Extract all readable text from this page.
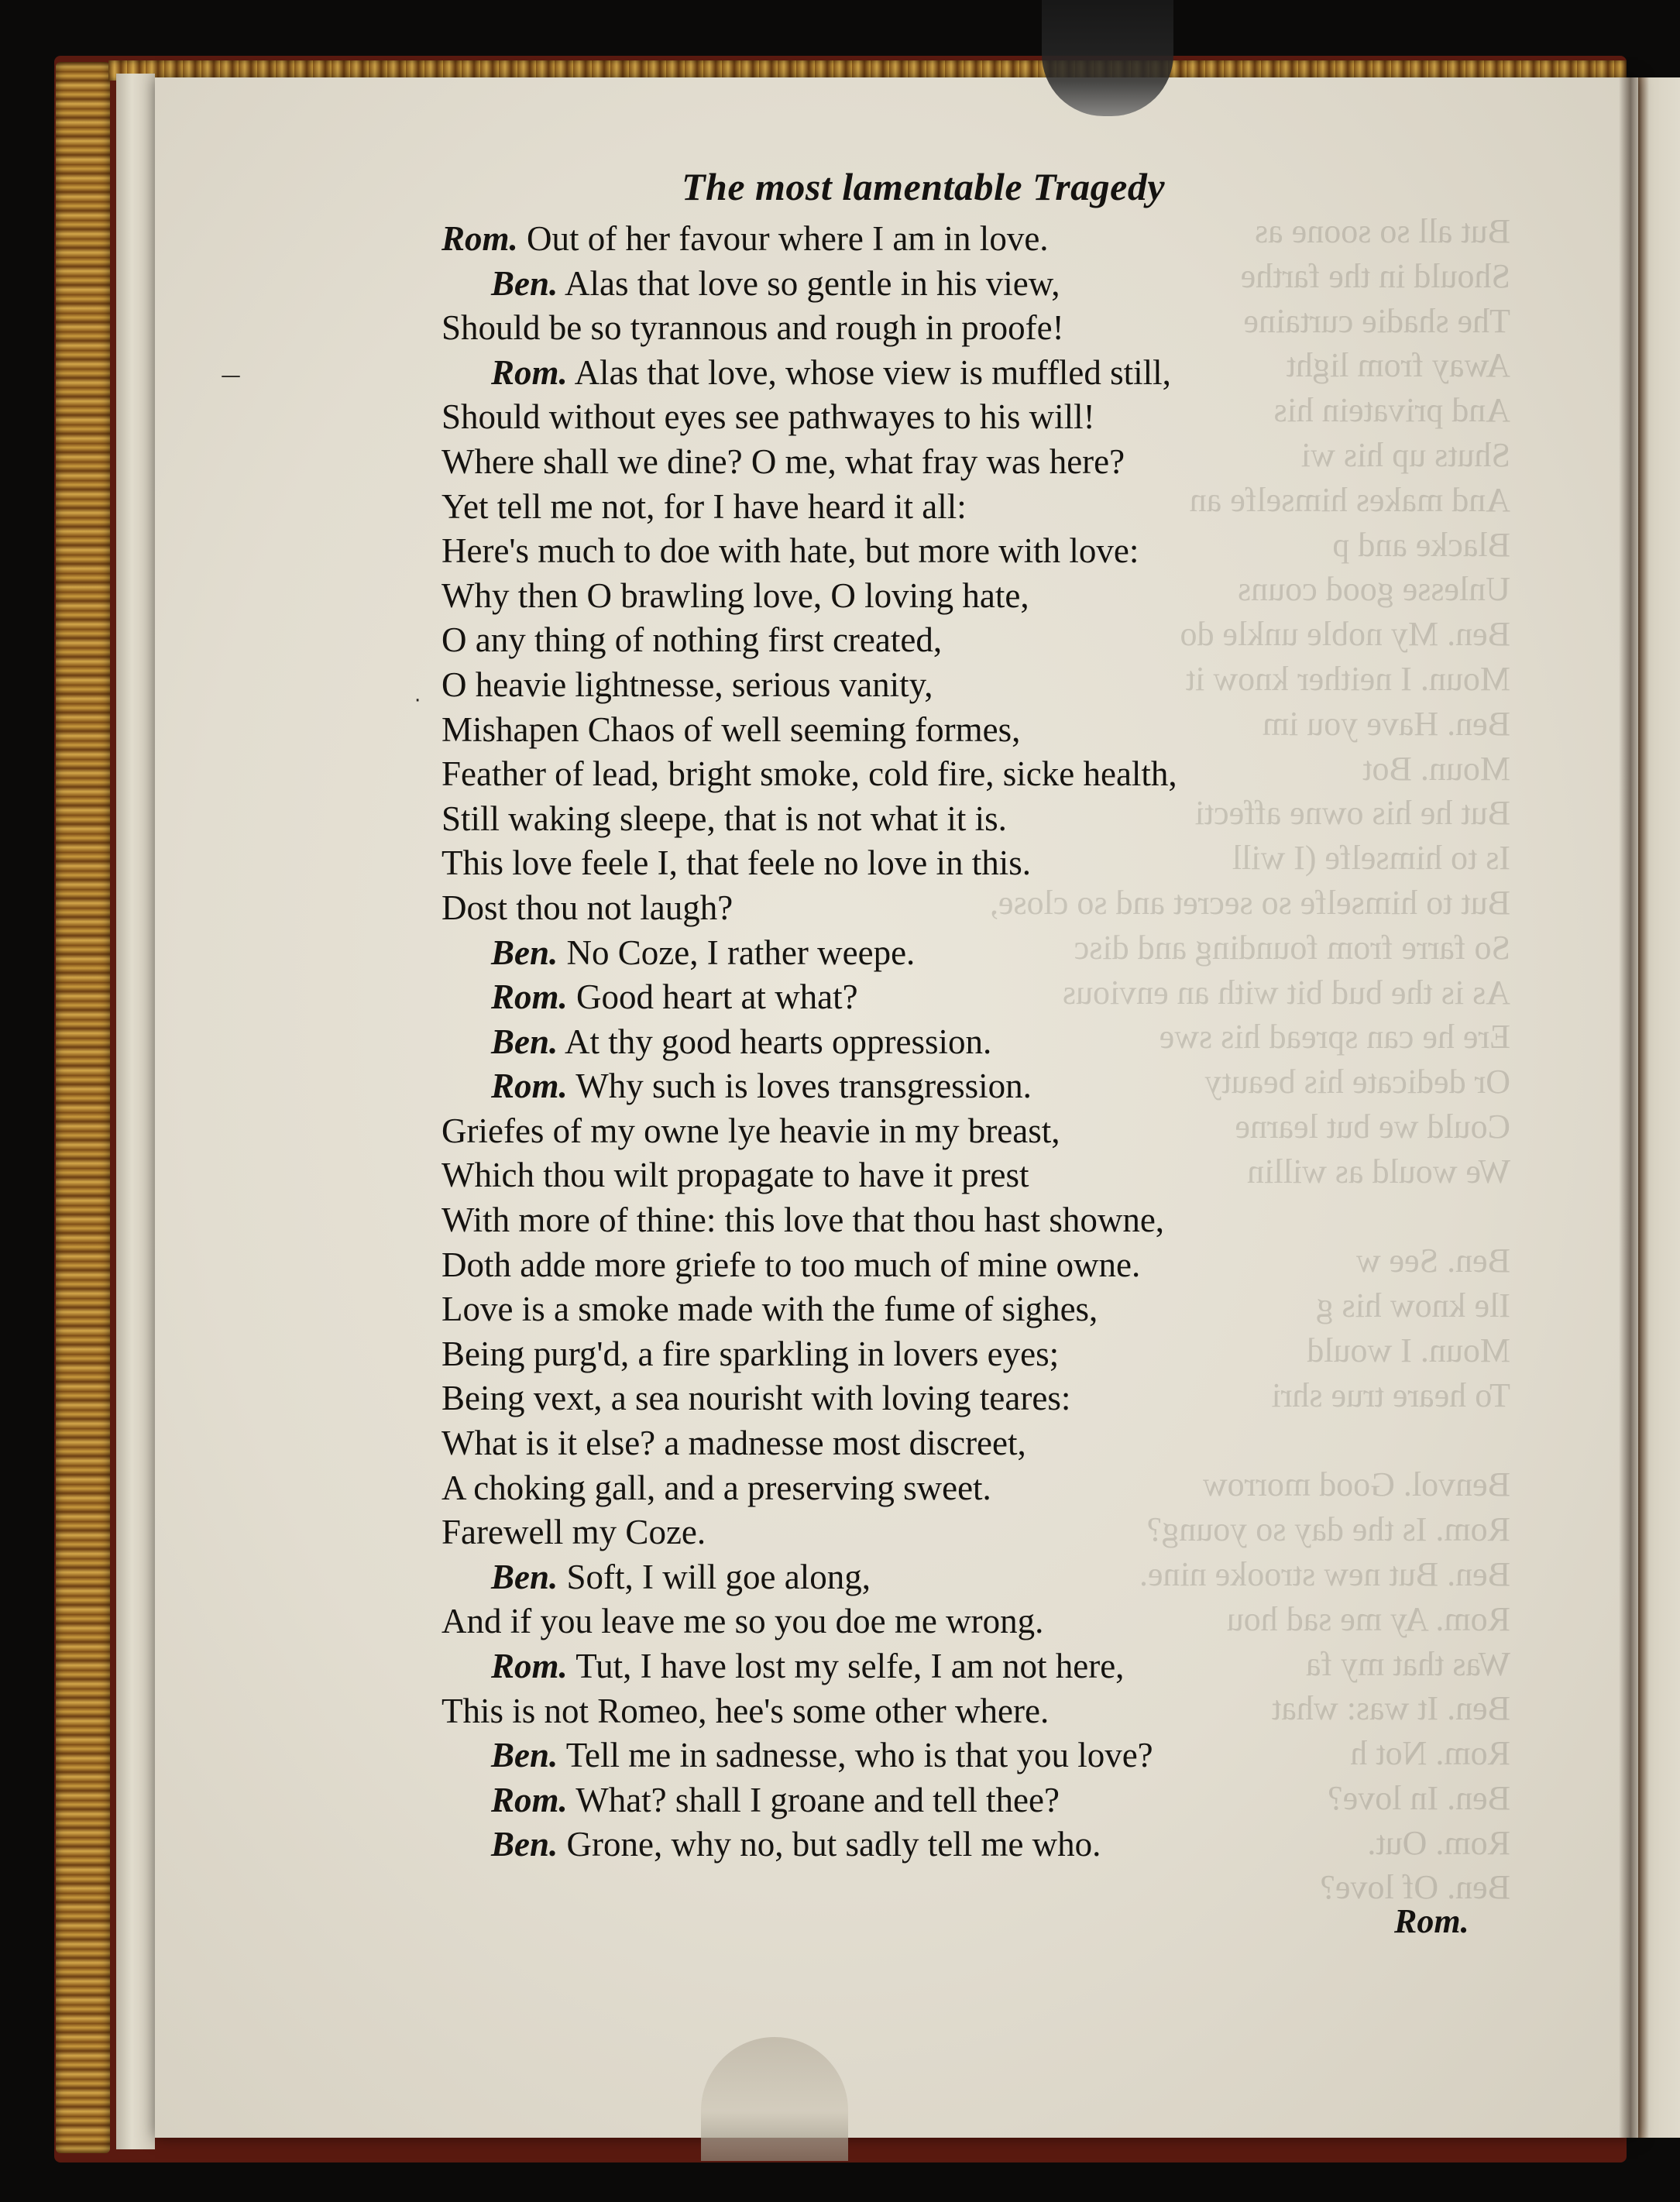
But all so soone as
Should in the farthe
The shadie curtaine
Away from light
And privatein his
Shuts up his wi
And makes himselfe an
Blacke and p
Unlesse good couns
Ben. My noble unkle do
Moun. I neither know it
Ben. Have you im
Moun. Bot
But he his owne affecti
Is to himselfe (I will
But to himselfe so secret and so close,
So farre from founding and disc
As is the bud bit with an envious
Ere he can spread his swe
Or dedicate his beauty
Could we but learne
We would as willin

Ben. See w
Ile know his g
Moun. I would
To heare true shri

Benvol. Good morrow
Rom. Is the day so young?
Ben. But new strooke nine.
Rom. Ay me sad hou
Was that my fa
Ben. It was: what
Rom. Not h
Ben. In love?
Rom. Out.
Ben. Of love?
The most lamentable Tragedy
Rom. Out of her favour where I am in love.
Ben. Alas that love so gentle in his view,
Should be so tyrannous and rough in proofe!
Rom. Alas that love, whose view is muffled still,
Should without eyes see pathwayes to his will!
Where shall we dine? O me, what fray was here?
Yet tell me not, for I have heard it all:
Here's much to doe with hate, but more with love:
Why then O brawling love, O loving hate,
O any thing of nothing first created,
O heavie lightnesse, serious vanity,
Mishapen Chaos of well seeming formes,
Feather of lead, bright smoke, cold fire, sicke health,
Still waking sleepe, that is not what it is.
This love feele I, that feele no love in this.
Dost thou not laugh?
Ben. No Coze, I rather weepe.
Rom. Good heart at what?
Ben. At thy good hearts oppression.
Rom. Why such is loves transgression.
Griefes of my owne lye heavie in my breast,
Which thou wilt propagate to have it prest
With more of thine: this love that thou hast showne,
Doth adde more griefe to too much of mine owne.
Love is a smoke made with the fume of sighes,
Being purg'd, a fire sparkling in lovers eyes;
Being vext, a sea nourisht with loving teares:
What is it else? a madnesse most discreet,
A choking gall, and a preserving sweet.
Farewell my Coze.
Ben. Soft, I will goe along,
And if you leave me so you doe me wrong.
Rom. Tut, I have lost my selfe, I am not here,
This is not Romeo, hee's some other where.
Ben. Tell me in sadnesse, who is that you love?
Rom. What? shall I groane and tell thee?
Ben. Grone, why no, but sadly tell me who.
Rom.
—
·
